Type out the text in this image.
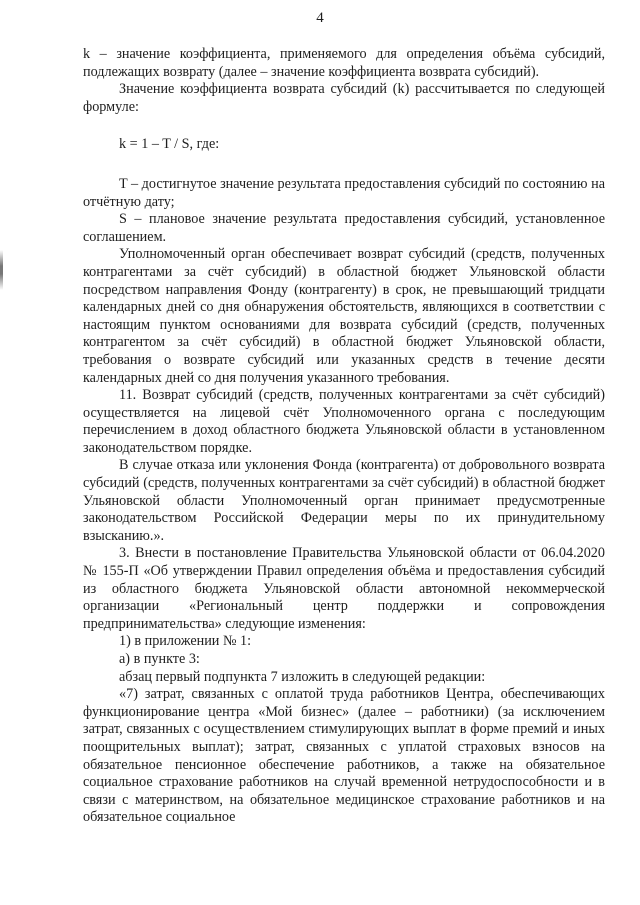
4

k – значение коэффициента, применяемого для определения объёма субсидий, подлежащих возврату (далее – значение коэффициента возврата субсидий).

Значение коэффициента возврата субсидий (k) рассчитывается по следующей формуле:

k = 1 – T / S, где:

T – достигнутое значение результата предоставления субсидий по состоянию на отчётную дату;

S – плановое значение результата предоставления субсидий, установленное соглашением.

Уполномоченный орган обеспечивает возврат субсидий (средств, полученных контрагентами за счёт субсидий) в областной бюджет Ульяновской области посредством направления Фонду (контрагенту) в срок, не превышающий тридцати календарных дней со дня обнаружения обстоятельств, являющихся в соответствии с настоящим пунктом основаниями для возврата субсидий (средств, полученных контрагентом за счёт субсидий) в областной бюджет Ульяновской области, требования о возврате субсидий или указанных средств в течение десяти календарных дней со дня получения указанного требования.

11. Возврат субсидий (средств, полученных контрагентами за счёт субсидий) осуществляется на лицевой счёт Уполномоченного органа с последующим перечислением в доход областного бюджета Ульяновской области в установленном законодательством порядке.

В случае отказа или уклонения Фонда (контрагента) от добровольного возврата субсидий (средств, полученных контрагентами за счёт субсидий) в областной бюджет Ульяновской области Уполномоченный орган принимает предусмотренные законодательством Российской Федерации меры по их принудительному взысканию.».

3. Внести в постановление Правительства Ульяновской области от 06.04.2020 № 155-П «Об утверждении Правил определения объёма и предоставления субсидий из областного бюджета Ульяновской области автономной некоммерческой организации «Региональный центр поддержки и сопровождения предпринимательства» следующие изменения:

1) в приложении № 1:

а) в пункте 3:

абзац первый подпункта 7 изложить в следующей редакции:

«7) затрат, связанных с оплатой труда работников Центра, обеспечивающих функционирование центра «Мой бизнес» (далее – работники) (за исключением затрат, связанных с осуществлением стимулирующих выплат в форме премий и иных поощрительных выплат); затрат, связанных с уплатой страховых взносов на обязательное пенсионное обеспечение работников, а также на обязательное социальное страхование работников на случай временной нетрудоспособности и в связи с материнством, на обязательное медицинское страхование работников и на обязательное социальное
